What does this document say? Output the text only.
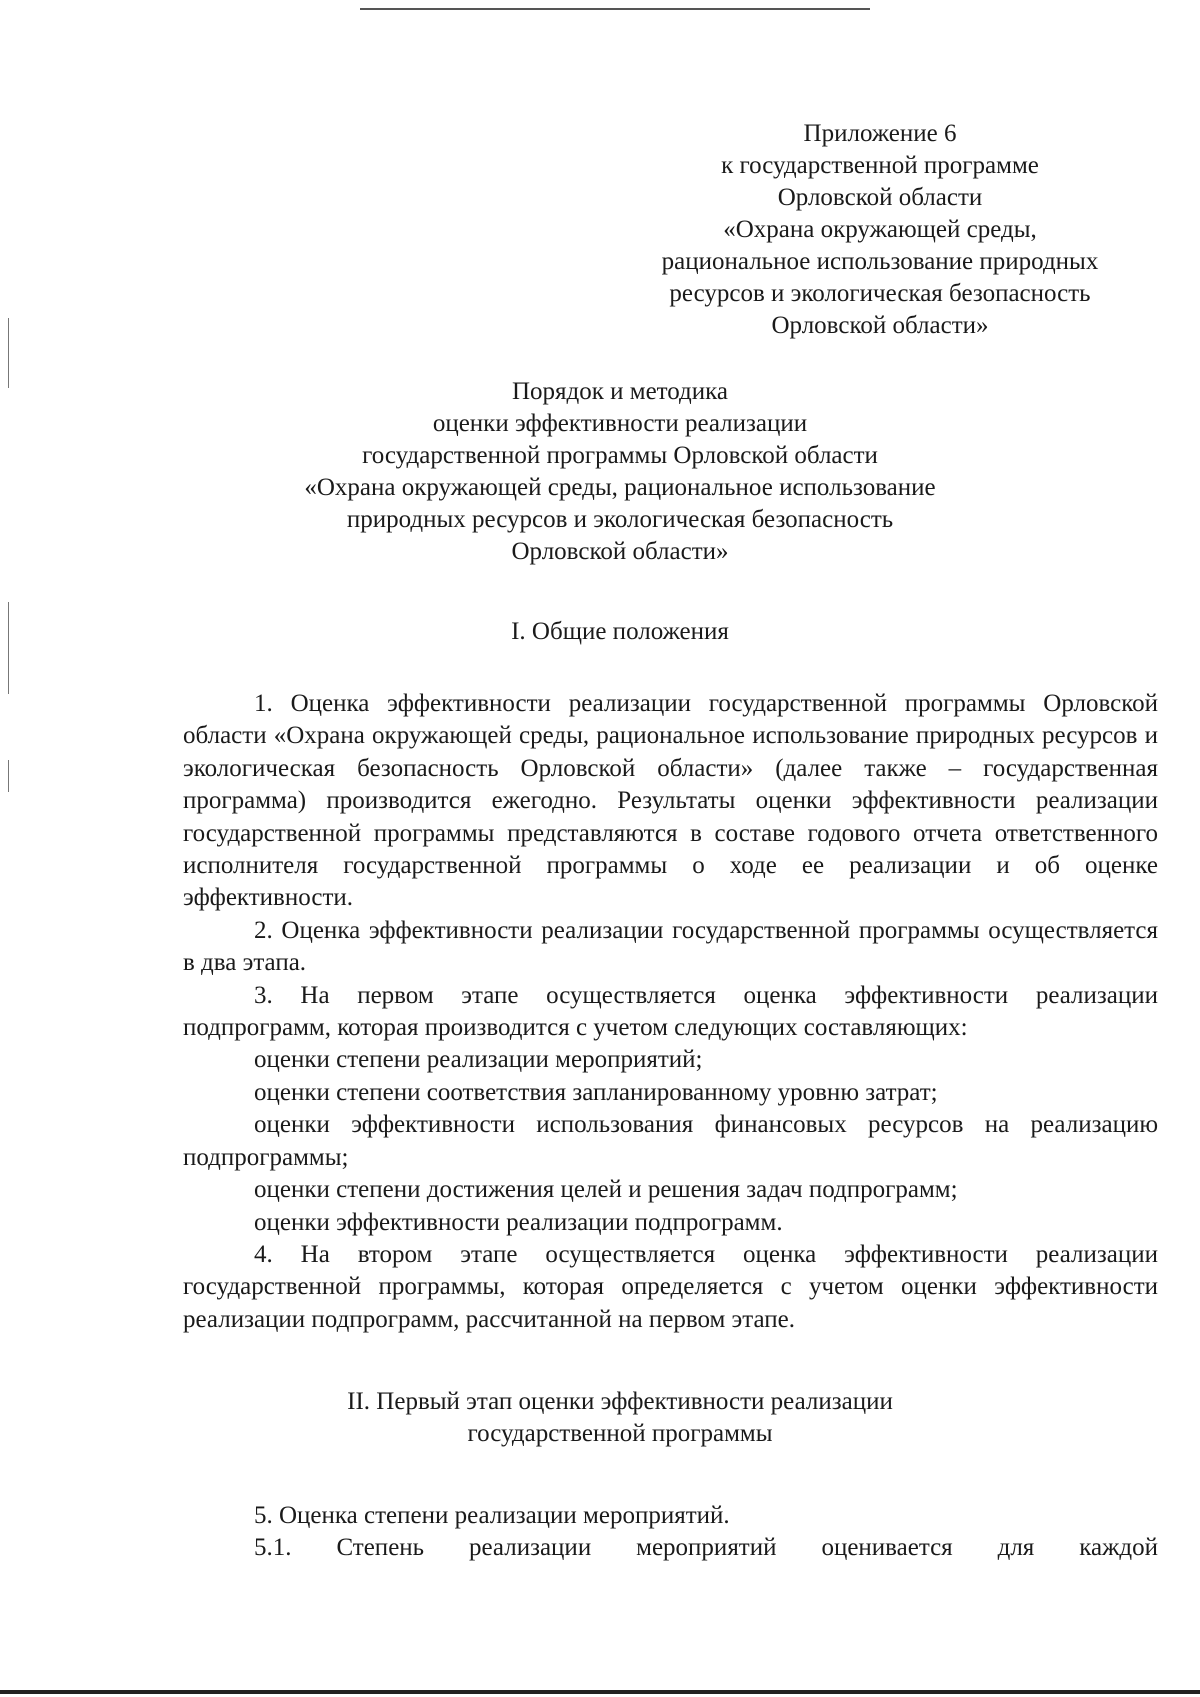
Приложение 6
к государственной программе
Орловской области
«Охрана окружающей среды,
рациональное использование природных
ресурсов и экологическая безопасность
Орловской области»
Порядок и методика
оценки эффективности реализации
государственной программы Орловской области
«Охрана окружающей среды, рациональное использование
природных ресурсов и экологическая безопасность
Орловской области»
I. Общие положения

1. Оценка эффективности реализации государственной программы Орловской области «Охрана окружающей среды, рациональное использование природных ресурсов и экологическая безопасность Орловской области» (далее также – государственная программа) производится ежегодно. Результаты оценки эффективности реализации государственной программы представляются в составе годового отчета ответственного исполнителя государственной программы о ходе ее реализации и об оценке эффективности.

2. Оценка эффективности реализации государственной программы осуществляется в два этапа.

3. На первом этапе осуществляется оценка эффективности реализации подпрограмм, которая производится с учетом следующих составляющих:

оценки степени реализации мероприятий;

оценки степени соответствия запланированному уровню затрат;

оценки эффективности использования финансовых ресурсов на реализацию подпрограммы;

оценки степени достижения целей и решения задач подпрограмм;

оценки эффективности реализации подпрограмм.

4. На втором этапе осуществляется оценка эффективности реализации государственной программы, которая определяется с учетом оценки эффективности реализации подпрограмм, рассчитанной на первом этапе.

II. Первый этап оценки эффективности реализации
государственной программы

5. Оценка степени реализации мероприятий.

5.1. Степень реализации мероприятий оценивается для каждой
